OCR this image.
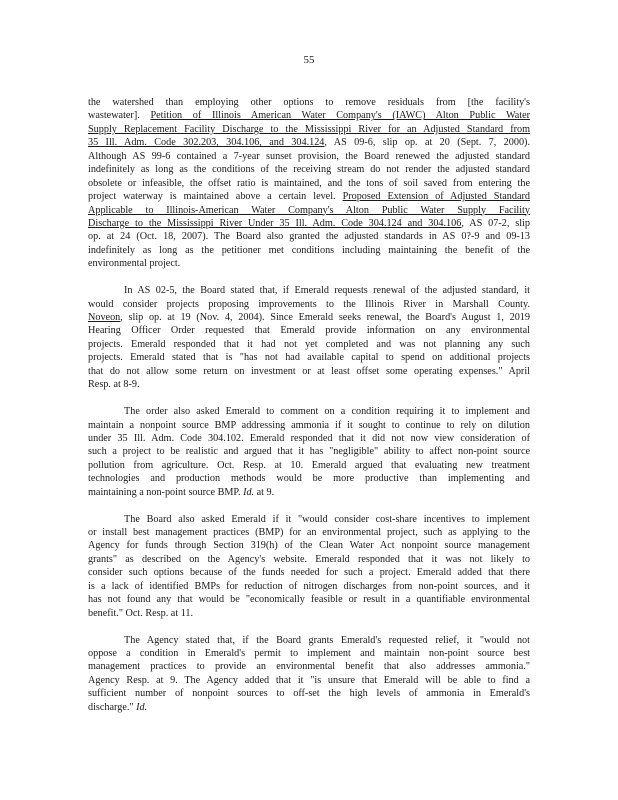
55
the watershed than employing other options to remove residuals from [the facility's
wastewater]. Petition of Illinois American Water Company's (IAWC) Alton Public Water
Supply Replacement Facility Discharge to the Mississippi River for an Adjusted Standard from
35 Ill. Adm. Code 302.203, 304.106, and 304.124, AS 09-6, slip op. at 20 (Sept. 7, 2000).
Although AS 99-6 contained a 7-year sunset provision, the Board renewed the adjusted standard
indefinitely as long as the conditions of the receiving stream do not render the adjusted standard
obsolete or infeasible, the offset ratio is maintained, and the tons of soil saved from entering the
project waterway is maintained above a certain level. Proposed Extension of Adjusted Standard
Applicable to Illinois-American Water Company's Alton Public Water Supply Facility
Discharge to the Mississippi River Under 35 Ill. Adm. Code 304.124 and 304.106, AS 07-2, slip
op. at 24 (Oct. 18, 2007). The Board also granted the adjusted standards in AS 0?-9 and 09-13
indefinitely as long as the petitioner met conditions including maintaining the benefit of the
environmental project.
In AS 02-5, the Board stated that, if Emerald requests renewal of the adjusted standard, it
would consider projects proposing improvements to the Illinois River in Marshall County.
Noveon, slip op. at 19 (Nov. 4, 2004). Since Emerald seeks renewal, the Board's August 1, 2019
Hearing Officer Order requested that Emerald provide information on any environmental
projects. Emerald responded that it had not yet completed and was not planning any such
projects. Emerald stated that is "has not had available capital to spend on additional projects
that do not allow some return on investment or at least offset some operating expenses." April
Resp. at 8-9.
The order also asked Emerald to comment on a condition requiring it to implement and
maintain a nonpoint source BMP addressing ammonia if it sought to continue to rely on dilution
under 35 Ill. Adm. Code 304.102. Emerald responded that it did not now view consideration of
such a project to be realistic and argued that it has "negligible" ability to affect non-point source
pollution from agriculture. Oct. Resp. at 10. Emerald argued that evaluating new treatment
technologies and production methods would be more productive than implementing and
maintaining a non-point source BMP. Id. at 9.
The Board also asked Emerald if it "would consider cost-share incentives to implement
or install best management practices (BMP) for an environmental project, such as applying to the
Agency for funds through Section 319(h) of the Clean Water Act nonpoint source management
grants" as described on the Agency's website. Emerald responded that it was not likely to
consider such options because of the funds needed for such a project. Emerald added that there
is a lack of identified BMPs for reduction of nitrogen discharges from non-point sources, and it
has not found any that would be "economically feasible or result in a quantifiable environmental
benefit." Oct. Resp. at 11.
The Agency stated that, if the Board grants Emerald's requested relief, it "would not
oppose a condition in Emerald's permit to implement and maintain non-point source best
management practices to provide an environmental benefit that also addresses ammonia."
Agency Resp. at 9. The Agency added that it "is unsure that Emerald will be able to find a
sufficient number of nonpoint sources to off-set the high levels of ammonia in Emerald's
discharge." Id.
